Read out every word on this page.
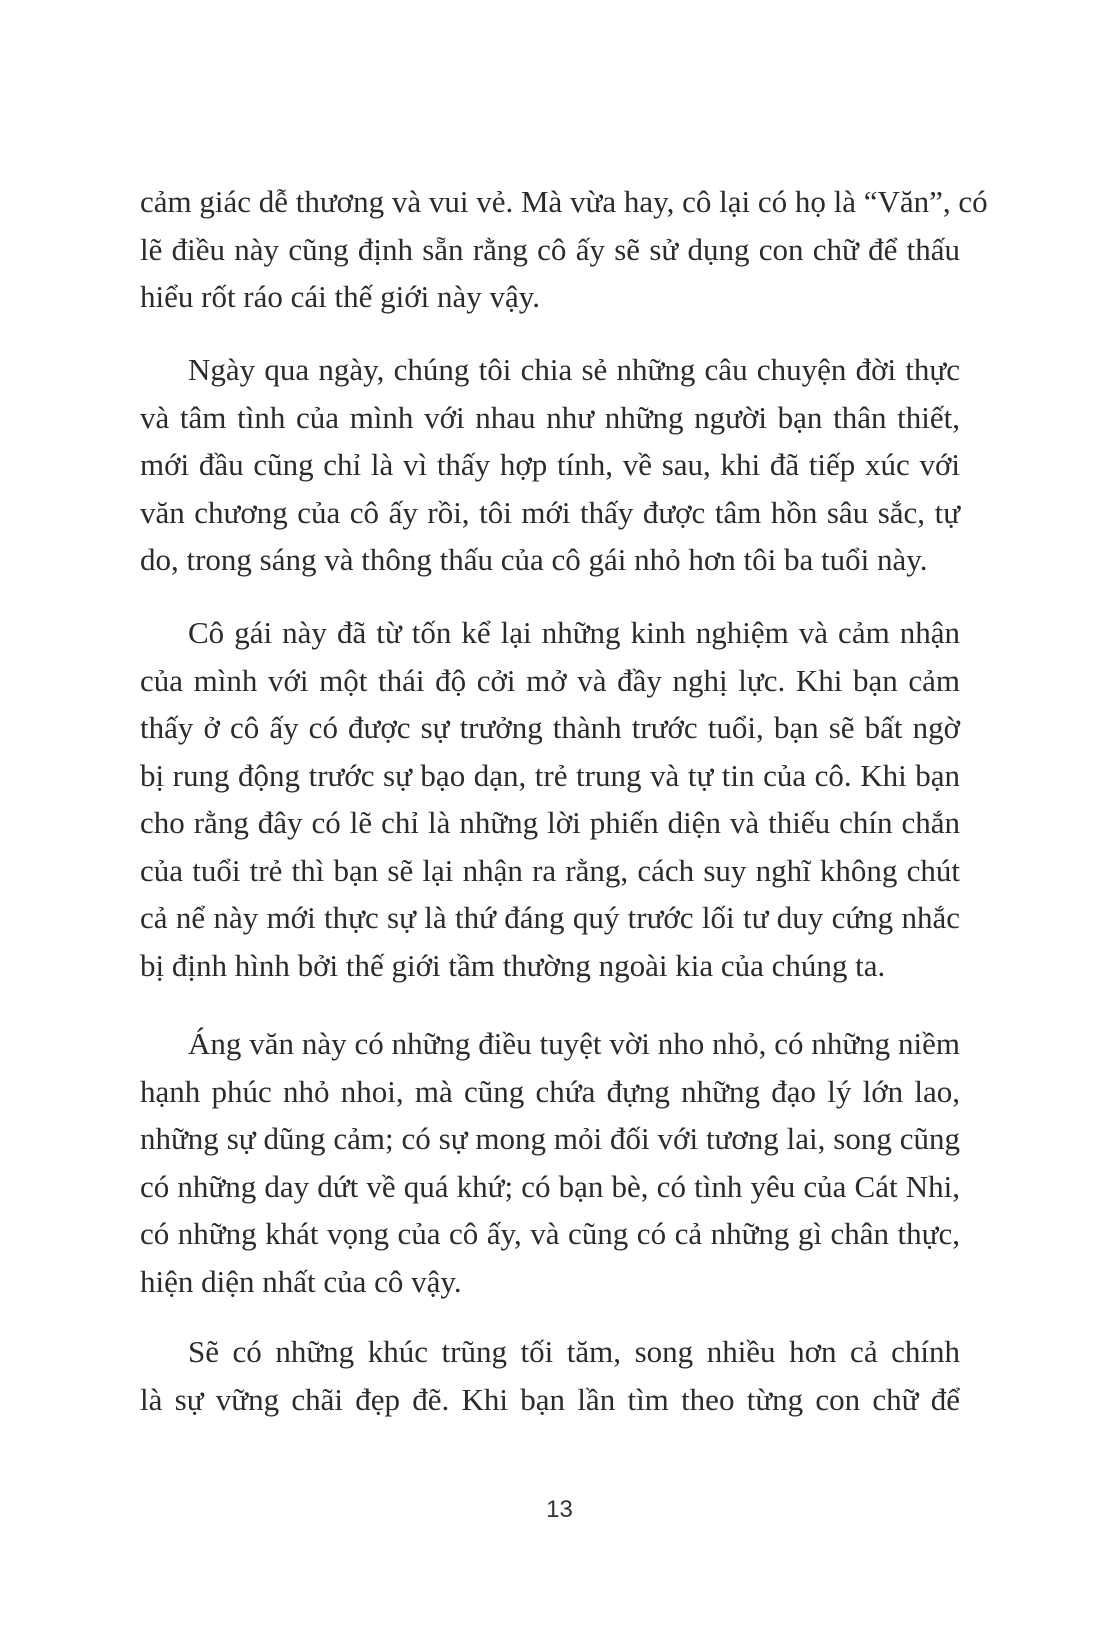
cảm giác dễ thương và vui vẻ. Mà vừa hay, cô lại có họ là “Văn”, có
lẽ điều này cũng định sẵn rằng cô ấy sẽ sử dụng con chữ để thấu
hiểu rốt ráo cái thế giới này vậy.
Ngày qua ngày, chúng tôi chia sẻ những câu chuyện đời thực
và tâm tình của mình với nhau như những người bạn thân thiết,
mới đầu cũng chỉ là vì thấy hợp tính, về sau, khi đã tiếp xúc với
văn chương của cô ấy rồi, tôi mới thấy được tâm hồn sâu sắc, tự
do, trong sáng và thông thấu của cô gái nhỏ hơn tôi ba tuổi này.
Cô gái này đã từ tốn kể lại những kinh nghiệm và cảm nhận
của mình với một thái độ cởi mở và đầy nghị lực. Khi bạn cảm
thấy ở cô ấy có được sự trưởng thành trước tuổi, bạn sẽ bất ngờ
bị rung động trước sự bạo dạn, trẻ trung và tự tin của cô. Khi bạn
cho rằng đây có lẽ chỉ là những lời phiến diện và thiếu chín chắn
của tuổi trẻ thì bạn sẽ lại nhận ra rằng, cách suy nghĩ không chút
cả nể này mới thực sự là thứ đáng quý trước lối tư duy cứng nhắc
bị định hình bởi thế giới tầm thường ngoài kia của chúng ta.
Áng văn này có những điều tuyệt vời nho nhỏ, có những niềm
hạnh phúc nhỏ nhoi, mà cũng chứa đựng những đạo lý lớn lao,
những sự dũng cảm; có sự mong mỏi đối với tương lai, song cũng
có những day dứt về quá khứ; có bạn bè, có tình yêu của Cát Nhi,
có những khát vọng của cô ấy, và cũng có cả những gì chân thực,
hiện diện nhất của cô vậy.
Sẽ có những khúc trũng tối tăm, song nhiều hơn cả chính
là sự vững chãi đẹp đẽ. Khi bạn lần tìm theo từng con chữ để
13
